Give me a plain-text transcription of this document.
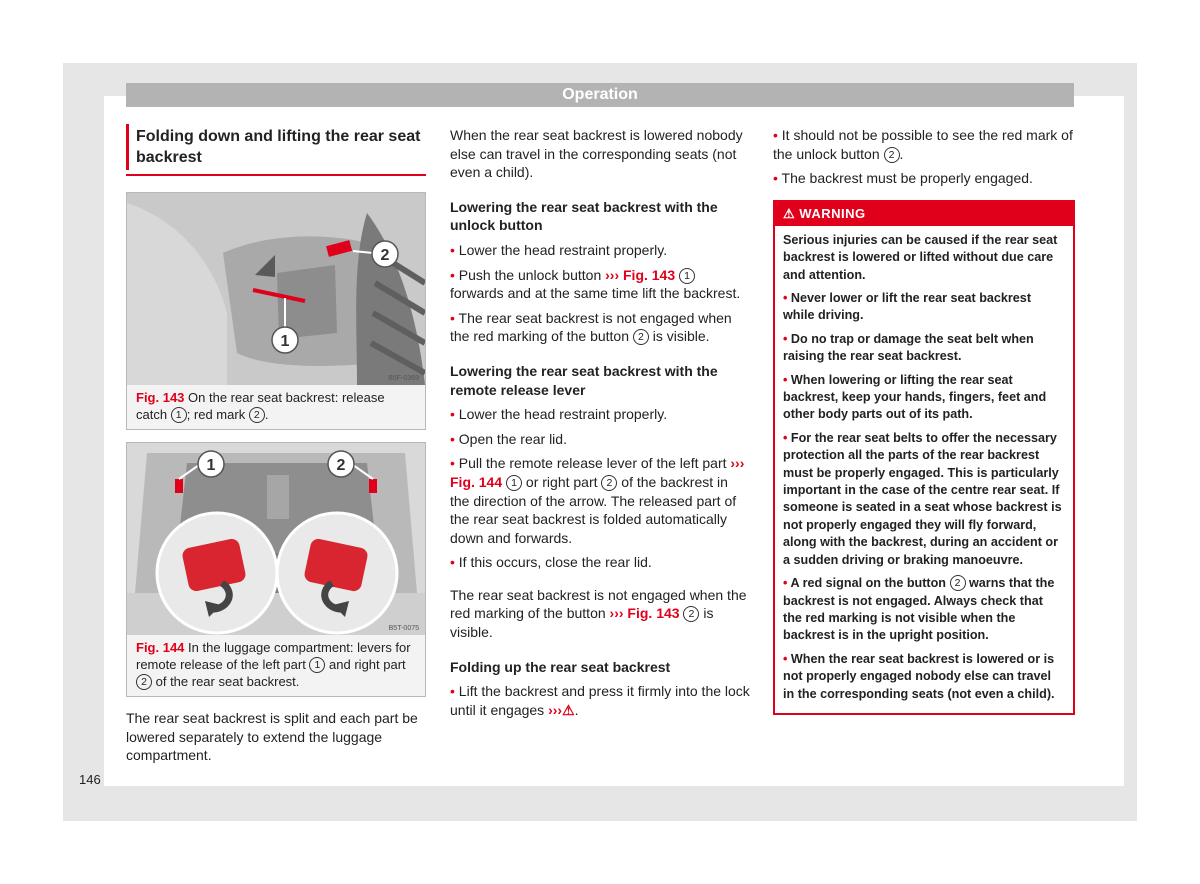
Operation
Folding down and lifting the rear seat backrest
1
2
B5F-0369
Fig. 143 On the rear seat backrest: release catch 1 ; red mark 2 .
1	2
B5T-0075
Fig. 144 In the luggage compartment: levers for remote release of the left part 1 and right part 2 of the rear seat backrest.

The rear seat backrest is split and each part be lowered separately to extend the luggage compartment.

When the rear seat backrest is lowered nobody else can travel in the corresponding seats (not even a child).

Lowering the rear seat backrest with the unlock button
• Lower the head restraint properly.
• Push the unlock button ››› Fig. 143 1 forwards and at the same time lift the backrest.
• The rear seat backrest is not engaged when the red marking of the button 2 is visible.
Lowering the rear seat backrest with the remote release lever
• Lower the head restraint properly.
• Open the rear lid.
• Pull the remote release lever of the left part ››› Fig. 144 1 or right part 2 of the backrest in the direction of the arrow. The released part of the rear seat backrest is folded automatically down and forwards.
• If this occurs, close the rear lid.

The rear seat backrest is not engaged when the red marking of the button ››› Fig. 143 2 is visible.

Folding up the rear seat backrest
• Lift the backrest and press it firmly into the lock until it engages ›››⚠.
• It should not be possible to see the red mark of the unlock button 2 .
• The backrest must be properly engaged.
⚠ WARNING

Serious injuries can be caused if the rear seat backrest is lowered or lifted without due care and attention.

• Never lower or lift the rear seat backrest while driving.

• Do no trap or damage the seat belt when raising the rear seat backrest.

• When lowering or lifting the rear seat backrest, keep your hands, fingers, feet and other body parts out of its path.

• For the rear seat belts to offer the necessary protection all the parts of the rear backrest must be properly engaged. This is particularly important in the case of the centre rear seat. If someone is seated in a seat whose backrest is not properly engaged they will fly forward, along with the backrest, during an accident or a sudden driving or braking manoeuvre.

• A red signal on the button 2 warns that the backrest is not engaged. Always check that the red marking is not visible when the backrest is in the upright position.

• When the rear seat backrest is lowered or is not properly engaged nobody else can travel in the corresponding seats (not even a child).

146
